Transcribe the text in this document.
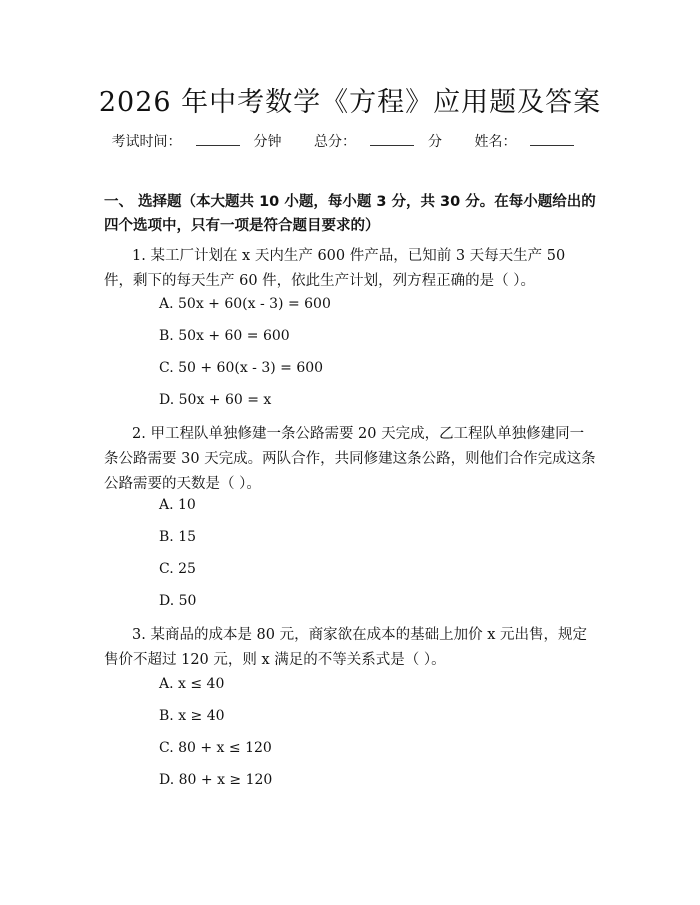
2026 年中考数学《方程》应用题及答案
考试时间：	分钟 总分：	分 姓名：
一、 选择题（本大题共 10 小题，每小题 3 分，共 30 分。在每小题给出的四个选项中，只有一项是符合题目要求的）
1. 某工厂计划在 x 天内生产 600 件产品，已知前 3 天每天生产 50 件，剩下的每天生产 60 件，依此生产计划，列方程正确的是（ ）。
A. 50x + 60(x - 3) = 600
B. 50x + 60 = 600
C. 50 + 60(x - 3) = 600
D. 50x + 60 = x
2. 甲工程队单独修建一条公路需要 20 天完成，乙工程队单独修建同一条公路需要 30 天完成。两队合作，共同修建这条公路，则他们合作完成这条公路需要的天数是（ ）。
A. 10
B. 15
C. 25
D. 50
3. 某商品的成本是 80 元，商家欲在成本的基础上加价 x 元出售，规定售价不超过 120 元，则 x 满足的不等关系式是（ ）。
A. x ≤ 40
B. x ≥ 40
C. 80 + x ≤ 120
D. 80 + x ≥ 120
